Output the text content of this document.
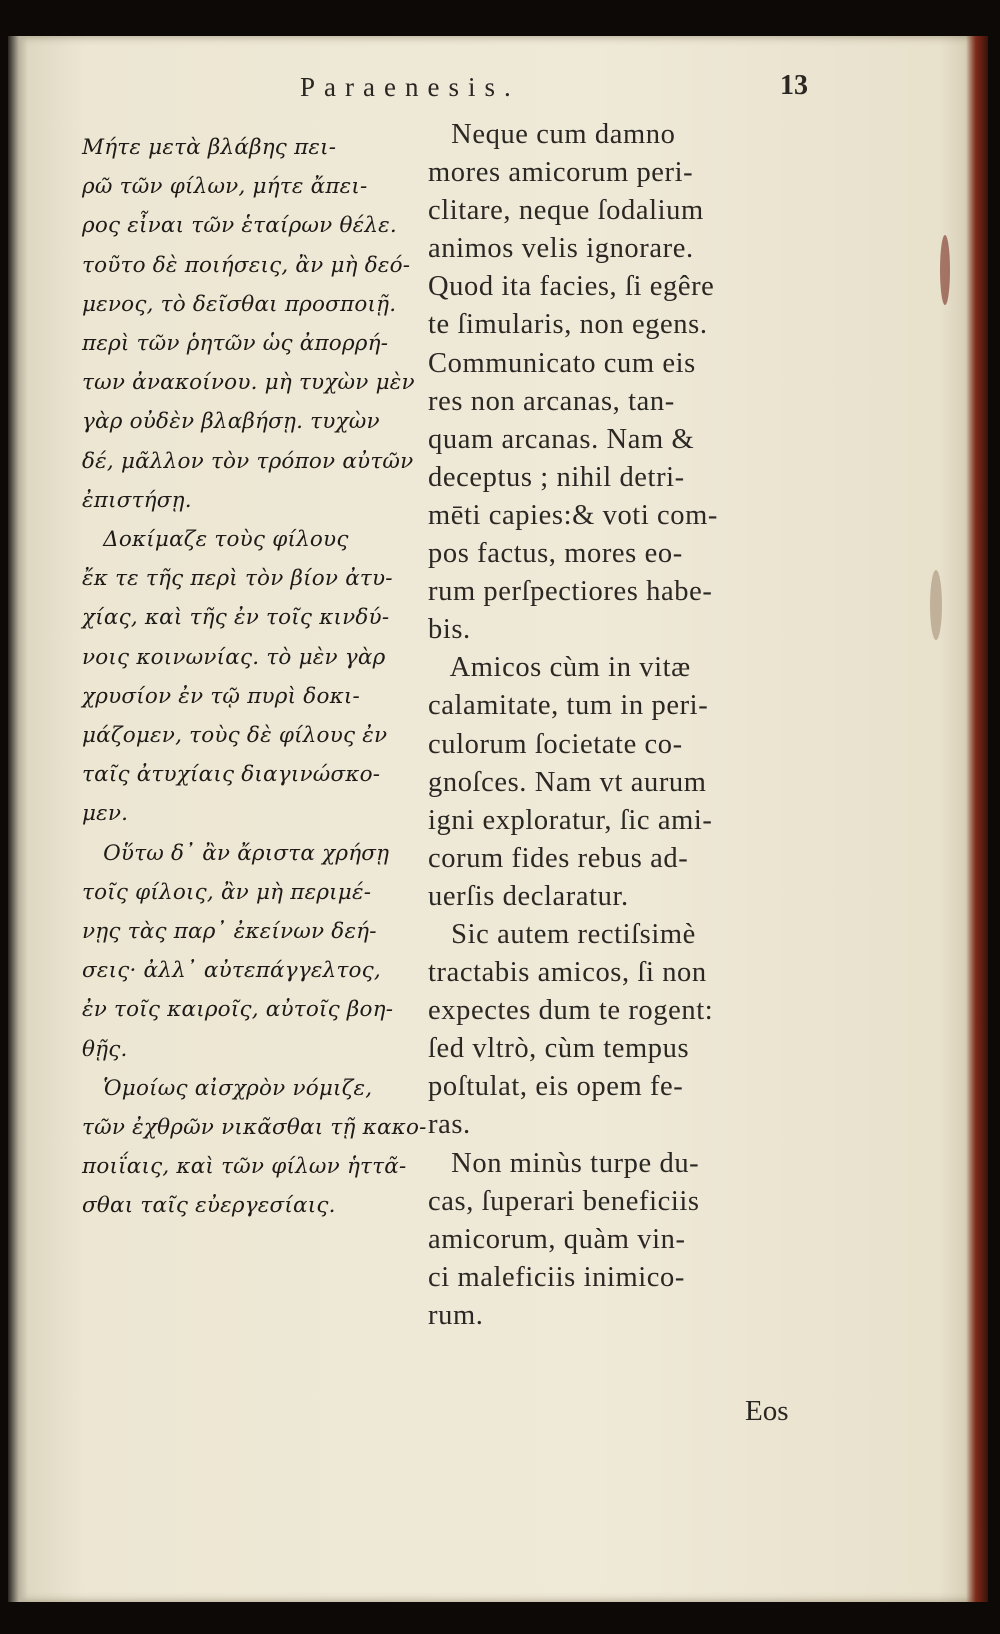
Paraenesis.	13
Μήτε μετὰ βλάβης πει-
ρῶ τῶν φίλων, μήτε ἄπει-
ρος εἶναι τῶν ἑταίρων θέλε.
τοῦτο δὲ ποιήσεις, ἂν μὴ δεό-
μενος, τὸ δεῖσθαι προσποιῇ.
περὶ τῶν ῥητῶν ὡς ἀπορρή-
των ἀνακοίνου. μὴ τυχὼν μὲν
γὰρ οὐδὲν βλαβήσῃ. τυχὼν
δέ, μᾶλλον τὸν τρόπον αὐτῶν
ἐπιστήσῃ.
Δοκίμαζε τοὺς φίλους
ἔκ τε τῆς περὶ τὸν βίον ἀτυ-
χίας, καὶ τῆς ἐν τοῖς κινδύ-
νοις κοινωνίας. τὸ μὲν γὰρ
χρυσίον ἐν τῷ πυρὶ δοκι-
μάζομεν, τοὺς δὲ φίλους ἐν
ταῖς ἀτυχίαις διαγινώσκο-
μεν.
Οὕτω δ᾽ ἂν ἄριστα χρήσῃ
τοῖς φίλοις, ἂν μὴ περιμέ-
νῃς τὰς παρ᾽ ἐκείνων δεή-
σεις· ἀλλ᾽ αὐτεπάγγελτος,
ἐν τοῖς καιροῖς, αὐτοῖς βοη-
θῇς.
Ὁμοίως αἰσχρὸν νόμιζε,
τῶν ἐχθρῶν νικᾶσθαι τῇ κακο-
ποιΐαις, καὶ τῶν φίλων ἡττᾶ-
σθαι ταῖς εὐεργεσίαις.
Neque cum damno
mores amicorum peri-
clitare, neque ſodalium
animos velis ignorare.
Quod ita facies, ſi egêre
te ſimularis, non egens.
Communicato cum eis
res non arcanas, tan-
quam arcanas. Nam &
deceptus ; nihil detri-
mēti capies:& voti com-
pos factus, mores eo-
rum perſpectiores habe-
bis.
Amicos cùm in vitæ
calamitate, tum in peri-
culorum ſocietate co-
gnoſces. Nam vt aurum
igni exploratur, ſic ami-
corum fides rebus ad-
uerſis declaratur.
Sic autem rectiſsimè
tractabis amicos, ſi non
expectes dum te rogent:
ſed vltrò, cùm tempus
poſtulat, eis opem fe-
ras.
Non minùs turpe du-
cas, ſuperari beneficiis
amicorum, quàm vin-
ci maleficiis inimico-
rum.
Eos
